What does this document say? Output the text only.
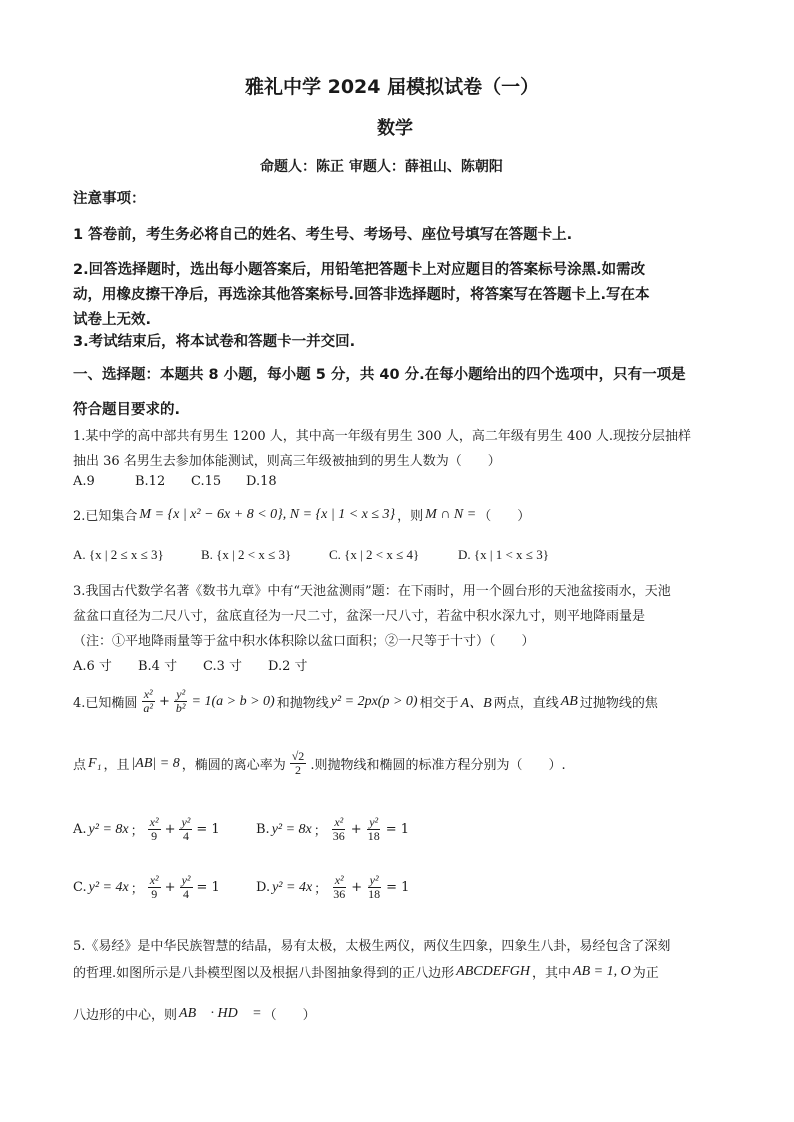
雅礼中学 2024 届模拟试卷（一）
数学
命题人：陈正 审题人：薛祖山、陈朝阳
注意事项：
1 答卷前，考生务必将自己的姓名、考生号、考场号、座位号填写在答题卡上.
2.回答选择题时，选出每小题答案后，用铅笔把答题卡上对应题目的答案标号涂黑.如需改
动，用橡皮擦干净后，再选涂其他答案标号.回答非选择题时，将答案写在答题卡上.写在本
试卷上无效.
3.考试结束后，将本试卷和答题卡一并交回.
一、选择题：本题共 8 小题，每小题 5 分，共 40 分.在每小题给出的四个选项中，只有一项是
符合题目要求的.
1.某中学的高中部共有男生 1200 人，其中高一年级有男生 300 人，高二年级有男生 400 人.现按分层抽样
抽出 36 名男生去参加体能测试，则高三年级被抽到的男生人数为（　　）
A.9	B.12 C.15 D.18
2.已知集合 M = {x | x² − 6x + 8 < 0}, N = {x | 1 < x ≤ 3} ，则 M ∩ N = （　　）
A. {x | 2 ≤ x ≤ 3}	B. {x | 2 < x ≤ 3}	C. {x | 2 < x ≤ 4}	D. {x | 1 < x ≤ 3}
3.我国古代数学名著《数书九章》中有“天池盆测雨”题：在下雨时，用一个圆台形的天池盆接雨水，天池
盆盆口直径为二尺八寸，盆底直径为一尺二寸，盆深一尺八寸，若盆中积水深九寸，则平地降雨量是
（注：①平地降雨量等于盆中积水体积除以盆口面积；②一尺等于十寸）（　　）
A.6 寸 B.4 寸 C.3 寸 D.2 寸
4.已知椭圆 $\frac{\text{x²}}{\text{a²}} + \frac{\text{y²}}{\text{b²}} = 1(a > b > 0)$ 和抛物线 y² = 2px(p > 0) 相交于 A、B 两点，直线 AB 过抛物线的焦
点 F₁ ，且 |AB| = 8 ，椭圆的离心率为 $\frac{√2}{2}$ .则抛物线和椭圆的标准方程分别为（　　）.
A. y² = 8x ； $\frac{\text{x²}}{9} + \frac{\text{y²}}{4} = 1$	B. y² = 8x ； $\frac{\text{x²}}{36} + \frac{\text{y²}}{18} = 1$
C. y² = 4x ； $\frac{\text{x²}}{9} + \frac{\text{y²}}{4} = 1$	D. y² = 4x ； $\frac{\text{x²}}{36} + \frac{\text{y²}}{18} = 1$
5.《易经》是中华民族智慧的结晶，易有太极，太极生两仪，两仪生四象，四象生八卦，易经包含了深刻
的哲理.如图所示是八卦模型图以及根据八卦图抽象得到的正八边形 ABCDEFGH ，其中 AB = 1, O 为正
八边形的中心，则 AB⃗ · HD⃗ = （　　）
